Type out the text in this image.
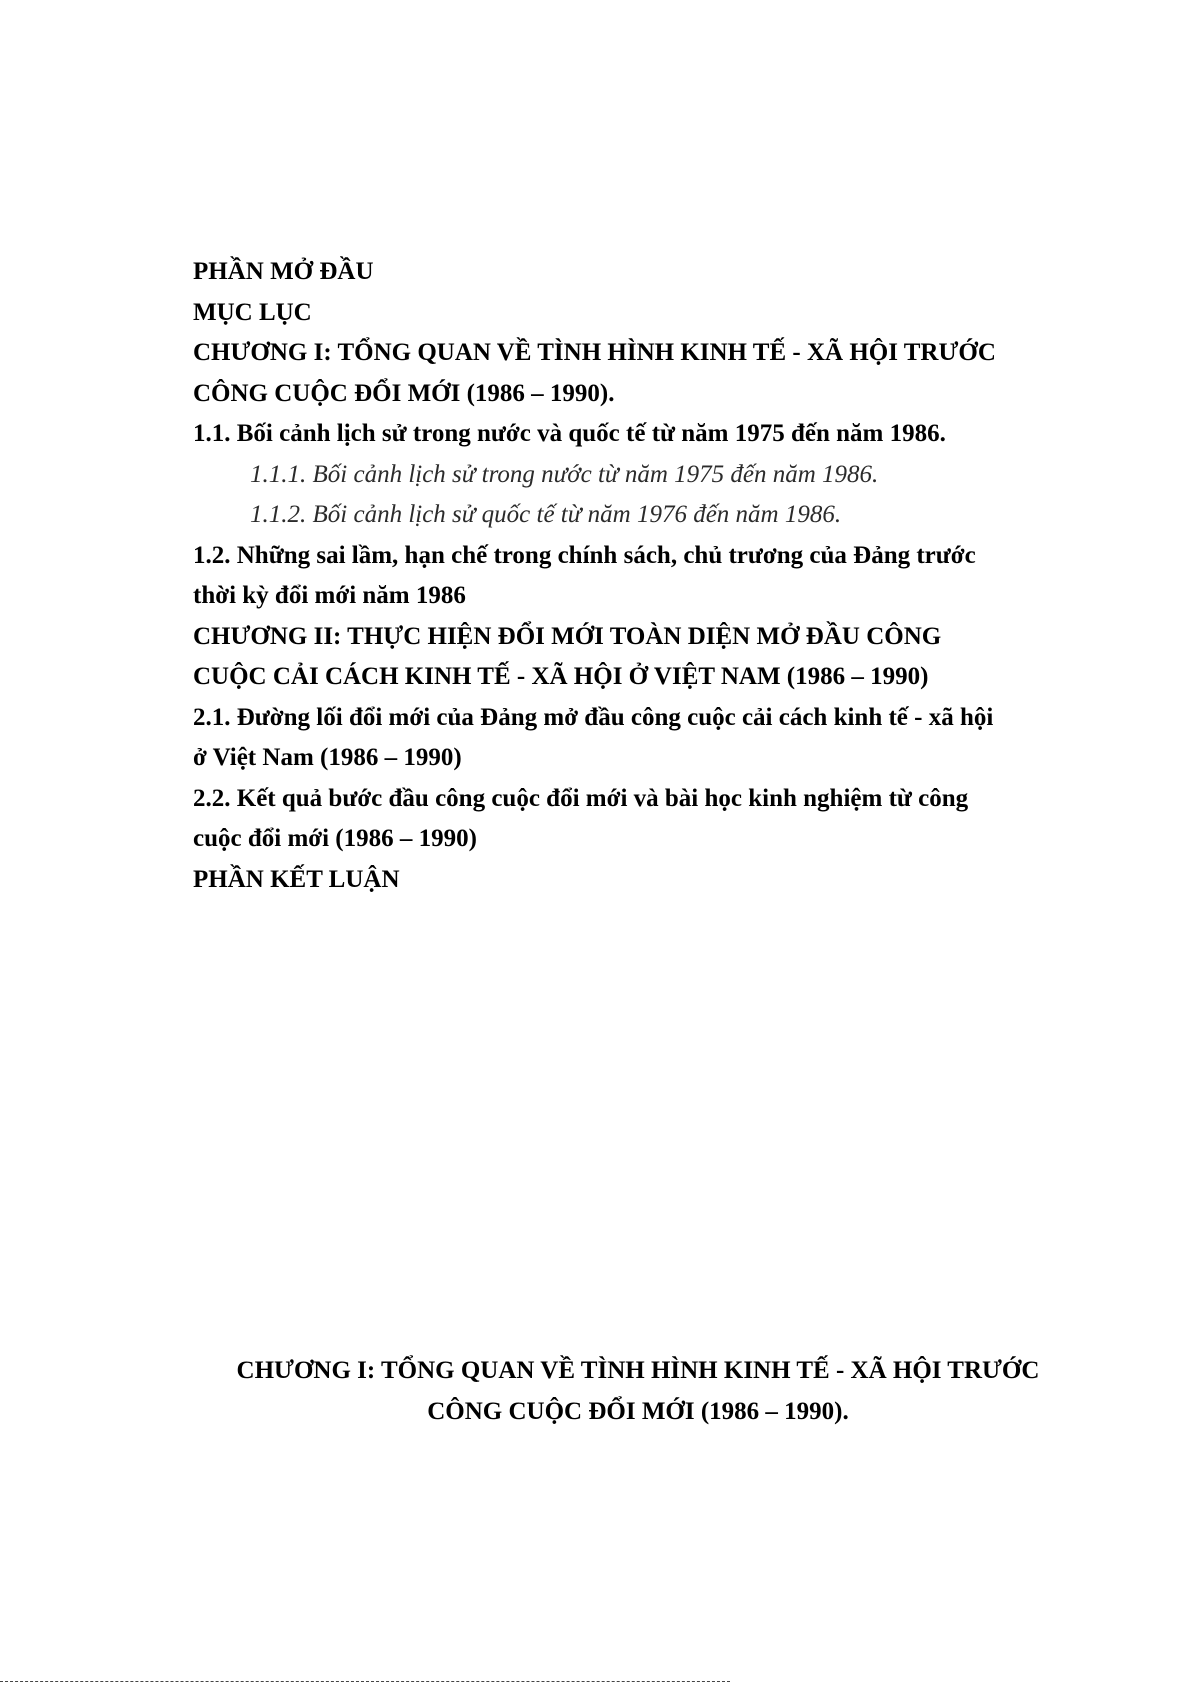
PHẦN MỞ ĐẦU
MỤC LỤC
CHƯƠNG I: TỔNG QUAN VỀ TÌNH HÌNH KINH TẾ - XÃ HỘI TRƯỚC
CÔNG CUỘC ĐỔI MỚI (1986 – 1990).
1.1. Bối cảnh lịch sử trong nước và quốc tế từ năm 1975 đến năm 1986.
1.1.1. Bối cảnh lịch sử trong nước từ năm 1975 đến năm 1986.
1.1.2. Bối cảnh lịch sử quốc tế từ năm 1976 đến năm 1986.
1.2. Những sai lầm, hạn chế trong chính sách, chủ trương của Đảng trước
thời kỳ đổi mới năm 1986
CHƯƠNG II: THỰC HIỆN ĐỔI MỚI TOÀN DIỆN MỞ ĐẦU CÔNG
CUỘC CẢI CÁCH KINH TẾ - XÃ HỘI Ở VIỆT NAM (1986 – 1990)
2.1. Đường lối đổi mới của Đảng mở đầu công cuộc cải cách kinh tế - xã hội
ở Việt Nam (1986 – 1990)
2.2. Kết quả bước đầu công cuộc đổi mới và bài học kinh nghiệm từ công
cuộc đổi mới (1986 – 1990)
PHẦN KẾT LUẬN
CHƯƠNG I: TỔNG QUAN VỀ TÌNH HÌNH KINH TẾ - XÃ HỘI TRƯỚC
CÔNG CUỘC ĐỔI MỚI (1986 – 1990).
